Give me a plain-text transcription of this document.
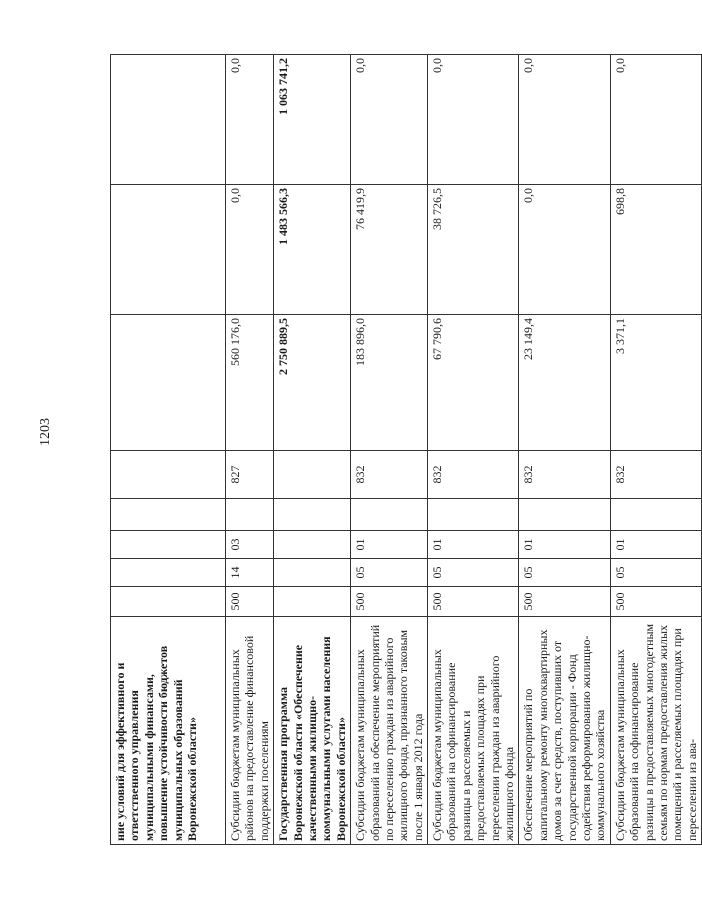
1203
ние условий для эффективного и ответственного управления муниципальными финансами, повышение устойчивости бюджетов муниципальных образований Воронежской области»								
Субсидии бюджетам муниципальных районов на предоставление финансовой поддержки поселениям	500	14	03		827	560 176,0	0,0	0,0
Государственная программа Воронежской области «Обеспечение качественными жилищно-коммунальными услугами населения Воронежской области»						2 750 889,5	1 483 566,3	1 063 741,2
Субсидии бюджетам муниципальных образований на обеспечение мероприятий по переселению граждан из аварийного жилищного фонда, признанного таковым после 1 января 2012 года	500	05	01		832	183 896,0	76 419,9	0,0
Субсидии бюджетам муниципальных образований на софинансирование разницы в расселяемых и предоставляемых площадях при переселении граждан из аварийного жилищного фонда	500	05	01		832	67 790,6	38 726,5	0,0
Обеспечение мероприятий по капитальному ремонту многоквартирных домов за счет средств, поступивших от государственной корпорации - Фонд содействия реформированию жилищно-коммунального хозяйства	500	05	01		832	23 149,4	0,0	0,0
Субсидии бюджетам муниципальных образований на софинансирование разницы в предоставляемых многодетным семьям по нормам предоставления жилых помещений и расселяемых площадях при переселении из ава-	500	05	01		832	3 371,1	698,8	0,0
